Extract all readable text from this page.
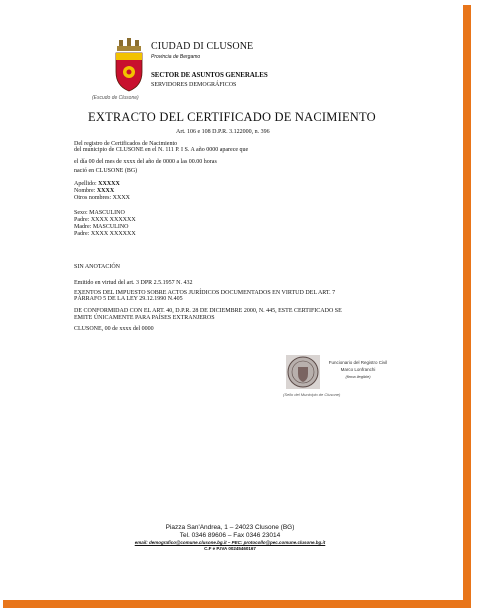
(Escudo de Clusone)
CIUDAD DI CLUSONE
Provincia de Bergamo
SECTOR DE ASUNTOS GENERALES
SERVIDORES DEMOGRÁFICOS
EXTRACTO DEL CERTIFICADO DE NACIMIENTO
Art. 106 e 108 D.P.R. 3.122000, n. 396
Del registro de Certificados de Nacimiento
del municipio de CLUSONE en el N. 111 P. I S. A año 0000 aparece que
el día 00 del mes de xxxx del año de 0000 a las 00.00 horas
nació en CLUSONE (BG)
Apellido: XXXXX
Nombre: XXXX
Otros nombres: XXXX
Sexo: MASCULINO
Padre: XXXX XXXXXX
Madre: MASCULINO
Padre: XXXX XXXXXX
SIN ANOTACIÓN
Emitido en virtud del art. 3 DPR 2.5.1957 N. 432
EXENTOS DEL IMPUESTO SOBRE ACTOS JURÍDICOS DOCUMENTADOS EN VIRTUD DEL ART. 7
PÁRRAFO 5 DE LA LEY 29.12.1990 N.405
DE CONFORMIDAD CON EL ART. 40, D.P.R. 28 DE DICIEMBRE 2000, N. 445, ESTE CERTIFICADO SE
EMITE ÚNICAMENTE PARA PAÍSES EXTRANJEROS
CLUSONE, 00 de xxxx del 0000
Funcionario del Registro Civil
Marco Lonfranchi
(firma ilegible)
(Sello del Municipio de Clusone)
Piazza San'Andrea, 1 – 24023 Clusone (BG)
Tel. 0346 89606 – Fax 0346 23014
email: demografico@comune.clusone.bg.it – PEC: protocollo@pec.comune.clusone.bg.it
C.F e P.IVA 00245460167
